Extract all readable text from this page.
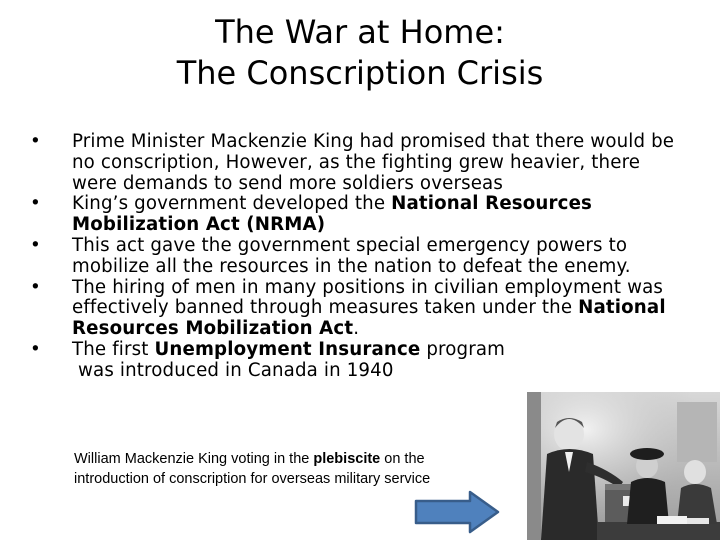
The War at Home:
The Conscription Crisis
•	Prime Minister Mackenzie King had promised that there would be no conscription, However, as the fighting grew heavier, there were demands to send more soldiers overseas
•	King’s government developed the National Resources Mobilization Act (NRMA)
•	This act gave the government special emergency powers to mobilize all the resources in the nation to defeat the enemy.
•	The hiring of men in many positions in civilian employment was effectively banned through measures taken under the National Resources Mobilization Act.
•	The first Unemployment Insurance program
was introduced in Canada in 1940
William Mackenzie King voting in the plebiscite on the introduction of conscription for overseas military service
